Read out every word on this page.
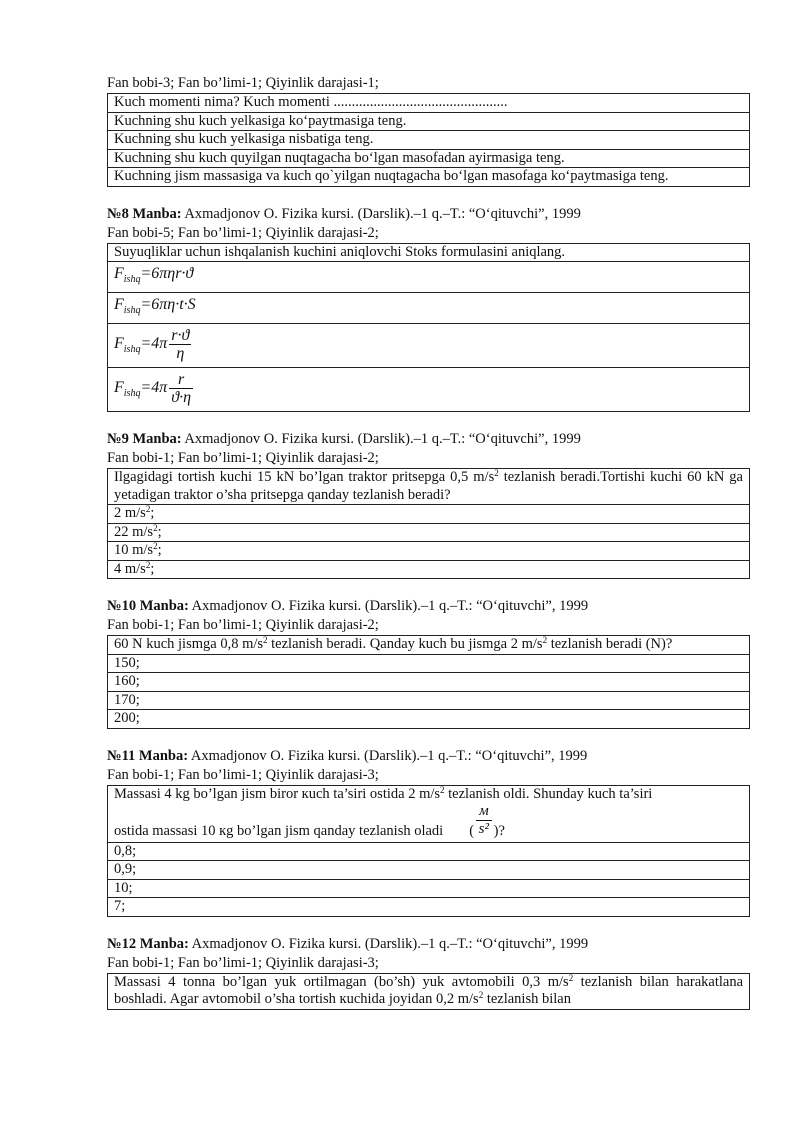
Fan bobi-3; Fan bo’limi-1; Qiyinlik darajasi-1;
Kuch momenti nima? Kuch momenti ................................................
Kuchning shu kuch yelkasiga ko‘paytmasiga teng.
Kuchning shu kuch yelkasiga nisbatiga teng.
Kuchning shu kuch quyilgan nuqtagacha bo‘lgan masofadan ayirmasiga teng.
Kuchning jism massasiga va kuch qo`yilgan nuqtagacha bo‘lgan masofaga ko‘paytmasiga teng.
№8 Manba: Axmadjonov O. Fizika kursi. (Darslik).–1 q.–T.: “O‘qituvchi”, 1999
Fan bobi-5; Fan bo’limi-1; Qiyinlik darajasi-2;
Suyuqliklar uchun ishqalanish kuchini aniqlovchi Stoks formulasini aniqlang.
$F_{ishq}=6\pi\eta r\cdot ϑ$
$F_{ishq}=6\pi\eta\cdot t\cdot S$

$F_{ishq}=4\pi \frac{r\cdot ϑ}{\eta}$

$F_{ishq}=4\pi \frac{r}{ϑ\cdot\eta}$
№9 Manba: Axmadjonov O. Fizika kursi. (Darslik).–1 q.–T.: “O‘qituvchi”, 1999
Fan bobi-1; Fan bo’limi-1; Qiyinlik darajasi-2;
Ilgagidagi tortish kuchi 15 kN bo’lgan traktor pritsepga 0,5 $m/s^2$ tezlanish beradi.Tortishi kuchi 60 kN ga yetadigan traktor o’sha pritsepga qanday tezlanish beradi?
2 $m/s^2$;
22 $m/s^2$;
10 $m/s^2$;
4 $m/s^2$;
№10 Manba: Axmadjonov O. Fizika kursi. (Darslik).–1 q.–T.: “O‘qituvchi”, 1999
Fan bobi-1; Fan bo’limi-1; Qiyinlik darajasi-2;
60 N kuch jismga 0,8 $m/s^2$ tezlanish beradi. Qanday kuch bu jismga 2 $m/s^2$ tezlanish beradi (N)?
150;
160;
170;
200;
№11 Manba: Axmadjonov O. Fizika kursi. (Darslik).–1 q.–T.: “O‘qituvchi”, 1999
Fan bobi-1; Fan bo’limi-1; Qiyinlik darajasi-3;
Massasi 4 kg bo’lgan jism biror кuch ta’siri ostida 2 $m/s^2$ tezlanish oldi. Shunday kuch ta’siri
ostida massasi 10 кg bo’lgan jism qanday tezlanish oladi (
м
s² )?

0,8;
0,9;
10;
7;
№12 Manba: Axmadjonov O. Fizika kursi. (Darslik).–1 q.–T.: “O‘qituvchi”, 1999
Fan bobi-1; Fan bo’limi-1; Qiyinlik darajasi-3;
Massasi 4 tonna bo’lgan yuk ortilmagan (bo’sh) yuk avtomobili 0,3 $m/s^2$ tezlanish bilan harakatlana boshladi. Agar avtomobil o’sha tortish кuchida joyidan 0,2 $m/s^2$ tezlanish bilan
